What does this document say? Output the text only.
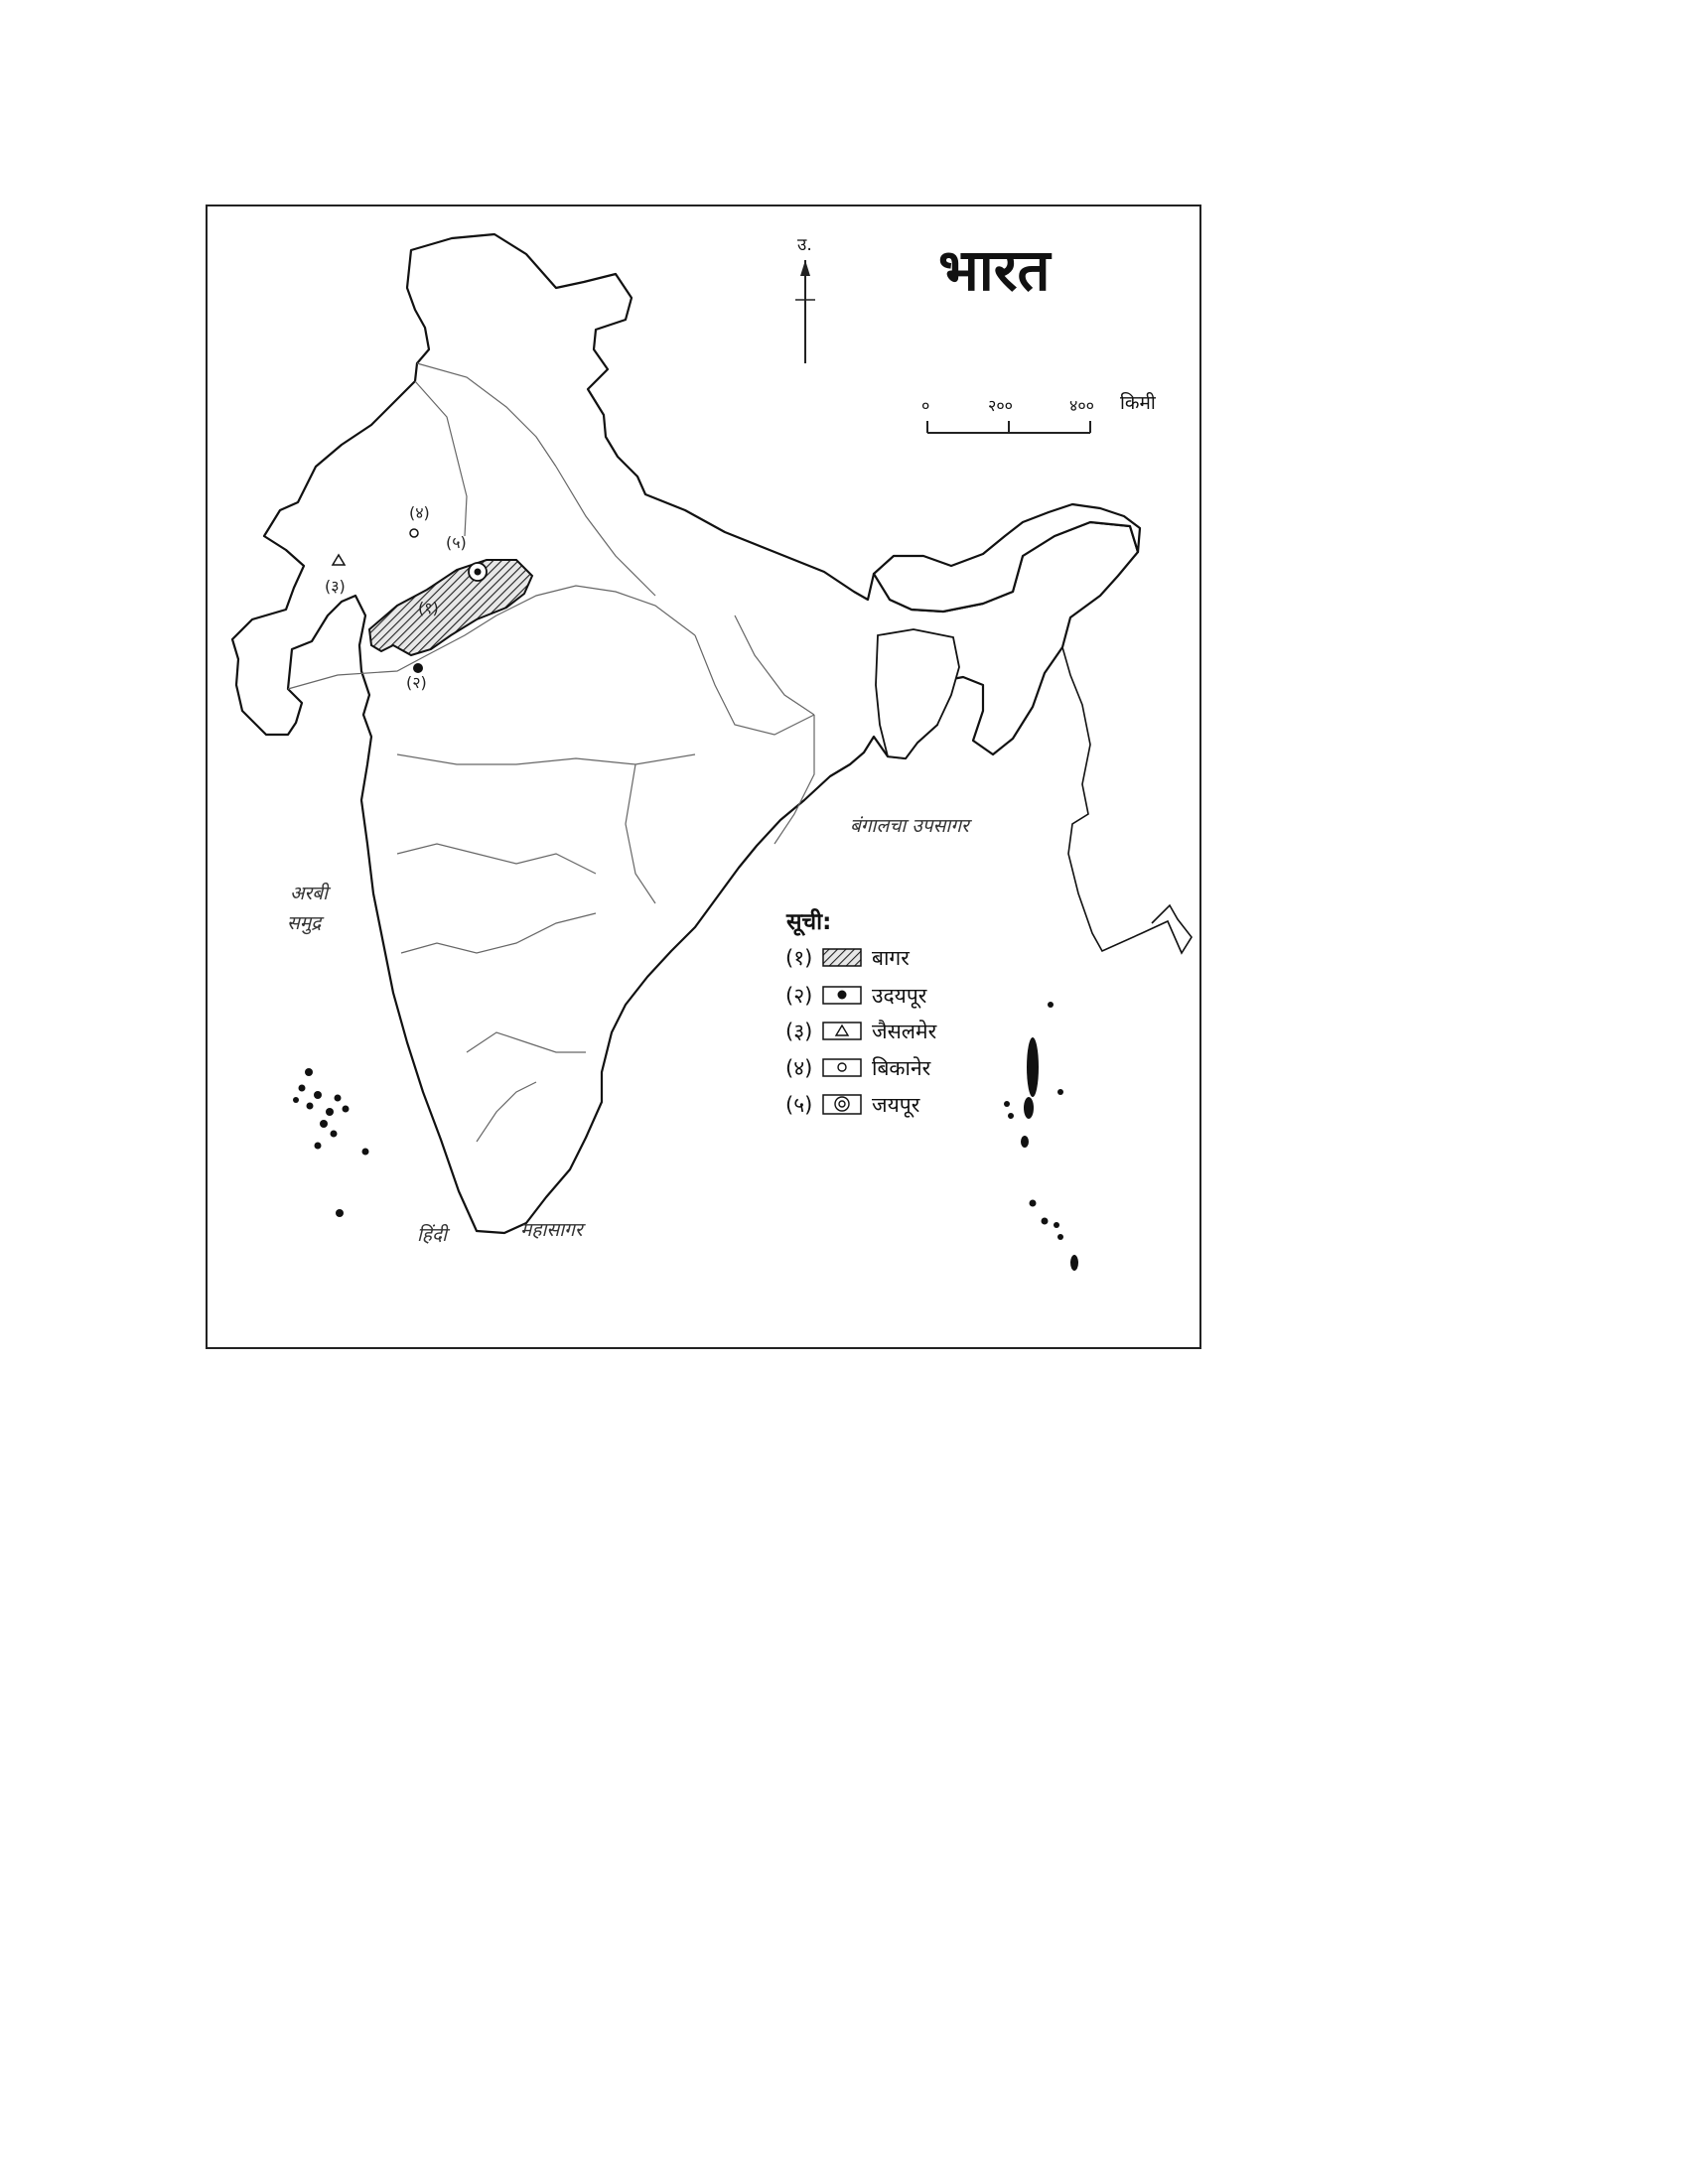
भारत
उ.
०	२००	४०० किमी
(४)
(५)
(३)
(१)
(२)
अरबी
समुद्र
बंगालचा उपसागर
हिंदी	महासागर
सूची:
(१)	बागर
(२)	उदयपूर
(३)	जैसलमेर
(४)	बिकानेर
(५)	जयपूर
